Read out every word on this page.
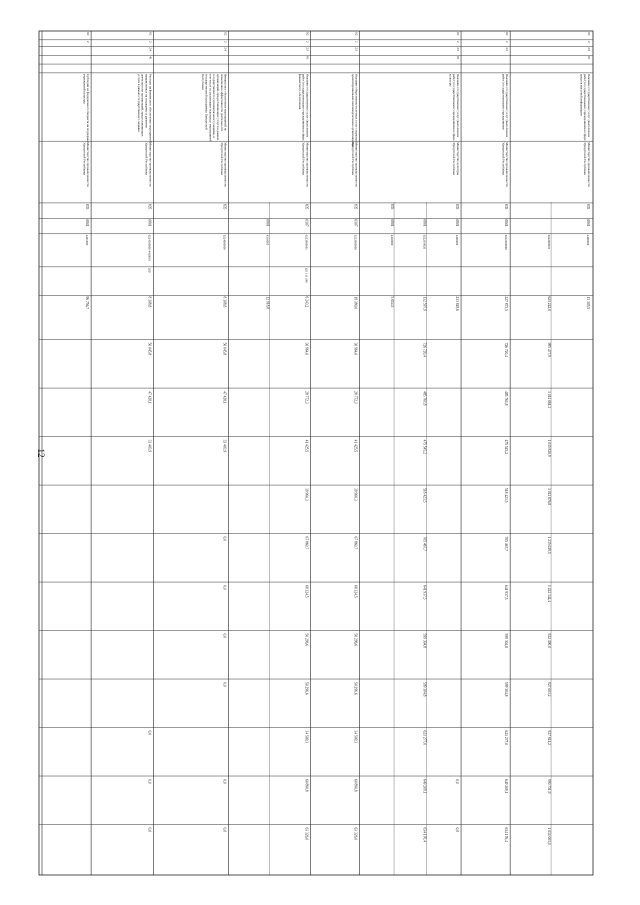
12
02
2
23
01
Оказание государственных услуг (выполнение
работ) государственными учреждениями в сфере
средств массовой информации
Министерство промышленности
Удмуртской Республики
835
0801
4400600
13 305,5
02220000/0
621 242,0
985 477,9
1 014 061,3
1 015 820,9
1 012 876,8
1 235 029,5
1 222 344,4
922 390,0
927 003,2
927 941,2
990 751,9
1 034 001,0
02
2
23
Оказание государственных услуг (выполнение
работ) государственными учреждениями
Министерство промышленности
Удмуртской Республики
835
0801
0222200000
227 873,5
726 720,4
485 761,8
475 545,2
518 423,5
705 467,7
641 937,5
599 304,8
599 304,8
621 277,0
649 209,1
634 176,4
02
2
23
01
Оказание государственных услуг (выполнение
работ) государственными учреждениями в сфере
культуры
Министерство культуры
Удмуртской Республики
835
0801
4400000
233 849,6
0,0
0,0
0801
02220/0020
132 597,9
726 720,4
485 761,8
475 545,2
518 423,5
705 467,7
641 937,5
599 304,8
599 304,8
621 277,0
649 209,1
634 176,4
835
0801
4410000
5 014,5
02
2
23
Оказание общественно-полезных услуг социально
ориентированными некоммерческими организациями
Министерство промышленности
Удмуртской Республики
835
0107
0223900000
19 380,0
30 964,0
28 772,3
41 425,5
39 960,3
67 860,7
68 324,5
50 296,6
50 296,6
34 509,3
60 890,8
63 326,0
02
2
23
01
Оказание государственных услуг (выполнение
работ) государственными учреждениями в сфере
финансового обеспечения
Министерство промышленности
Удмуртской Республики
835
0107
0223900001
621 111 240
6 243,2
30 964,0
28 772,3
41 425,5
39 960,3
67 860,7
68 324,5
50 296,6
50 296,6
34 509,3
60 890,8
63 326,0
0801
4510005
12 918,8
02
2
24
Финансовое обеспечение мероприятий по
повышению эффективности деятельности
организаций, предоставляющих услуги в рамках
государственного (муниципального) задания, в
том числе по реализации отдельных мероприятий
государственной программы Удмуртской
Республики
Министерство промышленности
Удмуртской Республики
835
0224000000
8 308,8
50 045,8
47 428,1
33 403,9
0,0
0,0
0,0
0,0
0,0
0,0
02
2
24
41
Расходы на финансовое обеспечение мероприятий,
направленных на поддержку и развитие
деятельности организаций, предоставляющих
услуги в рамках государственного задания
Министерство промышленности
Удмуртской Республики
835
0801
0224100000 4410001
200
8 308,8
50 045,8
47 428,1
33 403,9
0,0
0,0
0,0
02
2
Субсидии из федерального бюджета на поддержку
учреждений культуры
Министерство промышленности
Удмуртской Республики
835
0801
4401000
96 756,7
